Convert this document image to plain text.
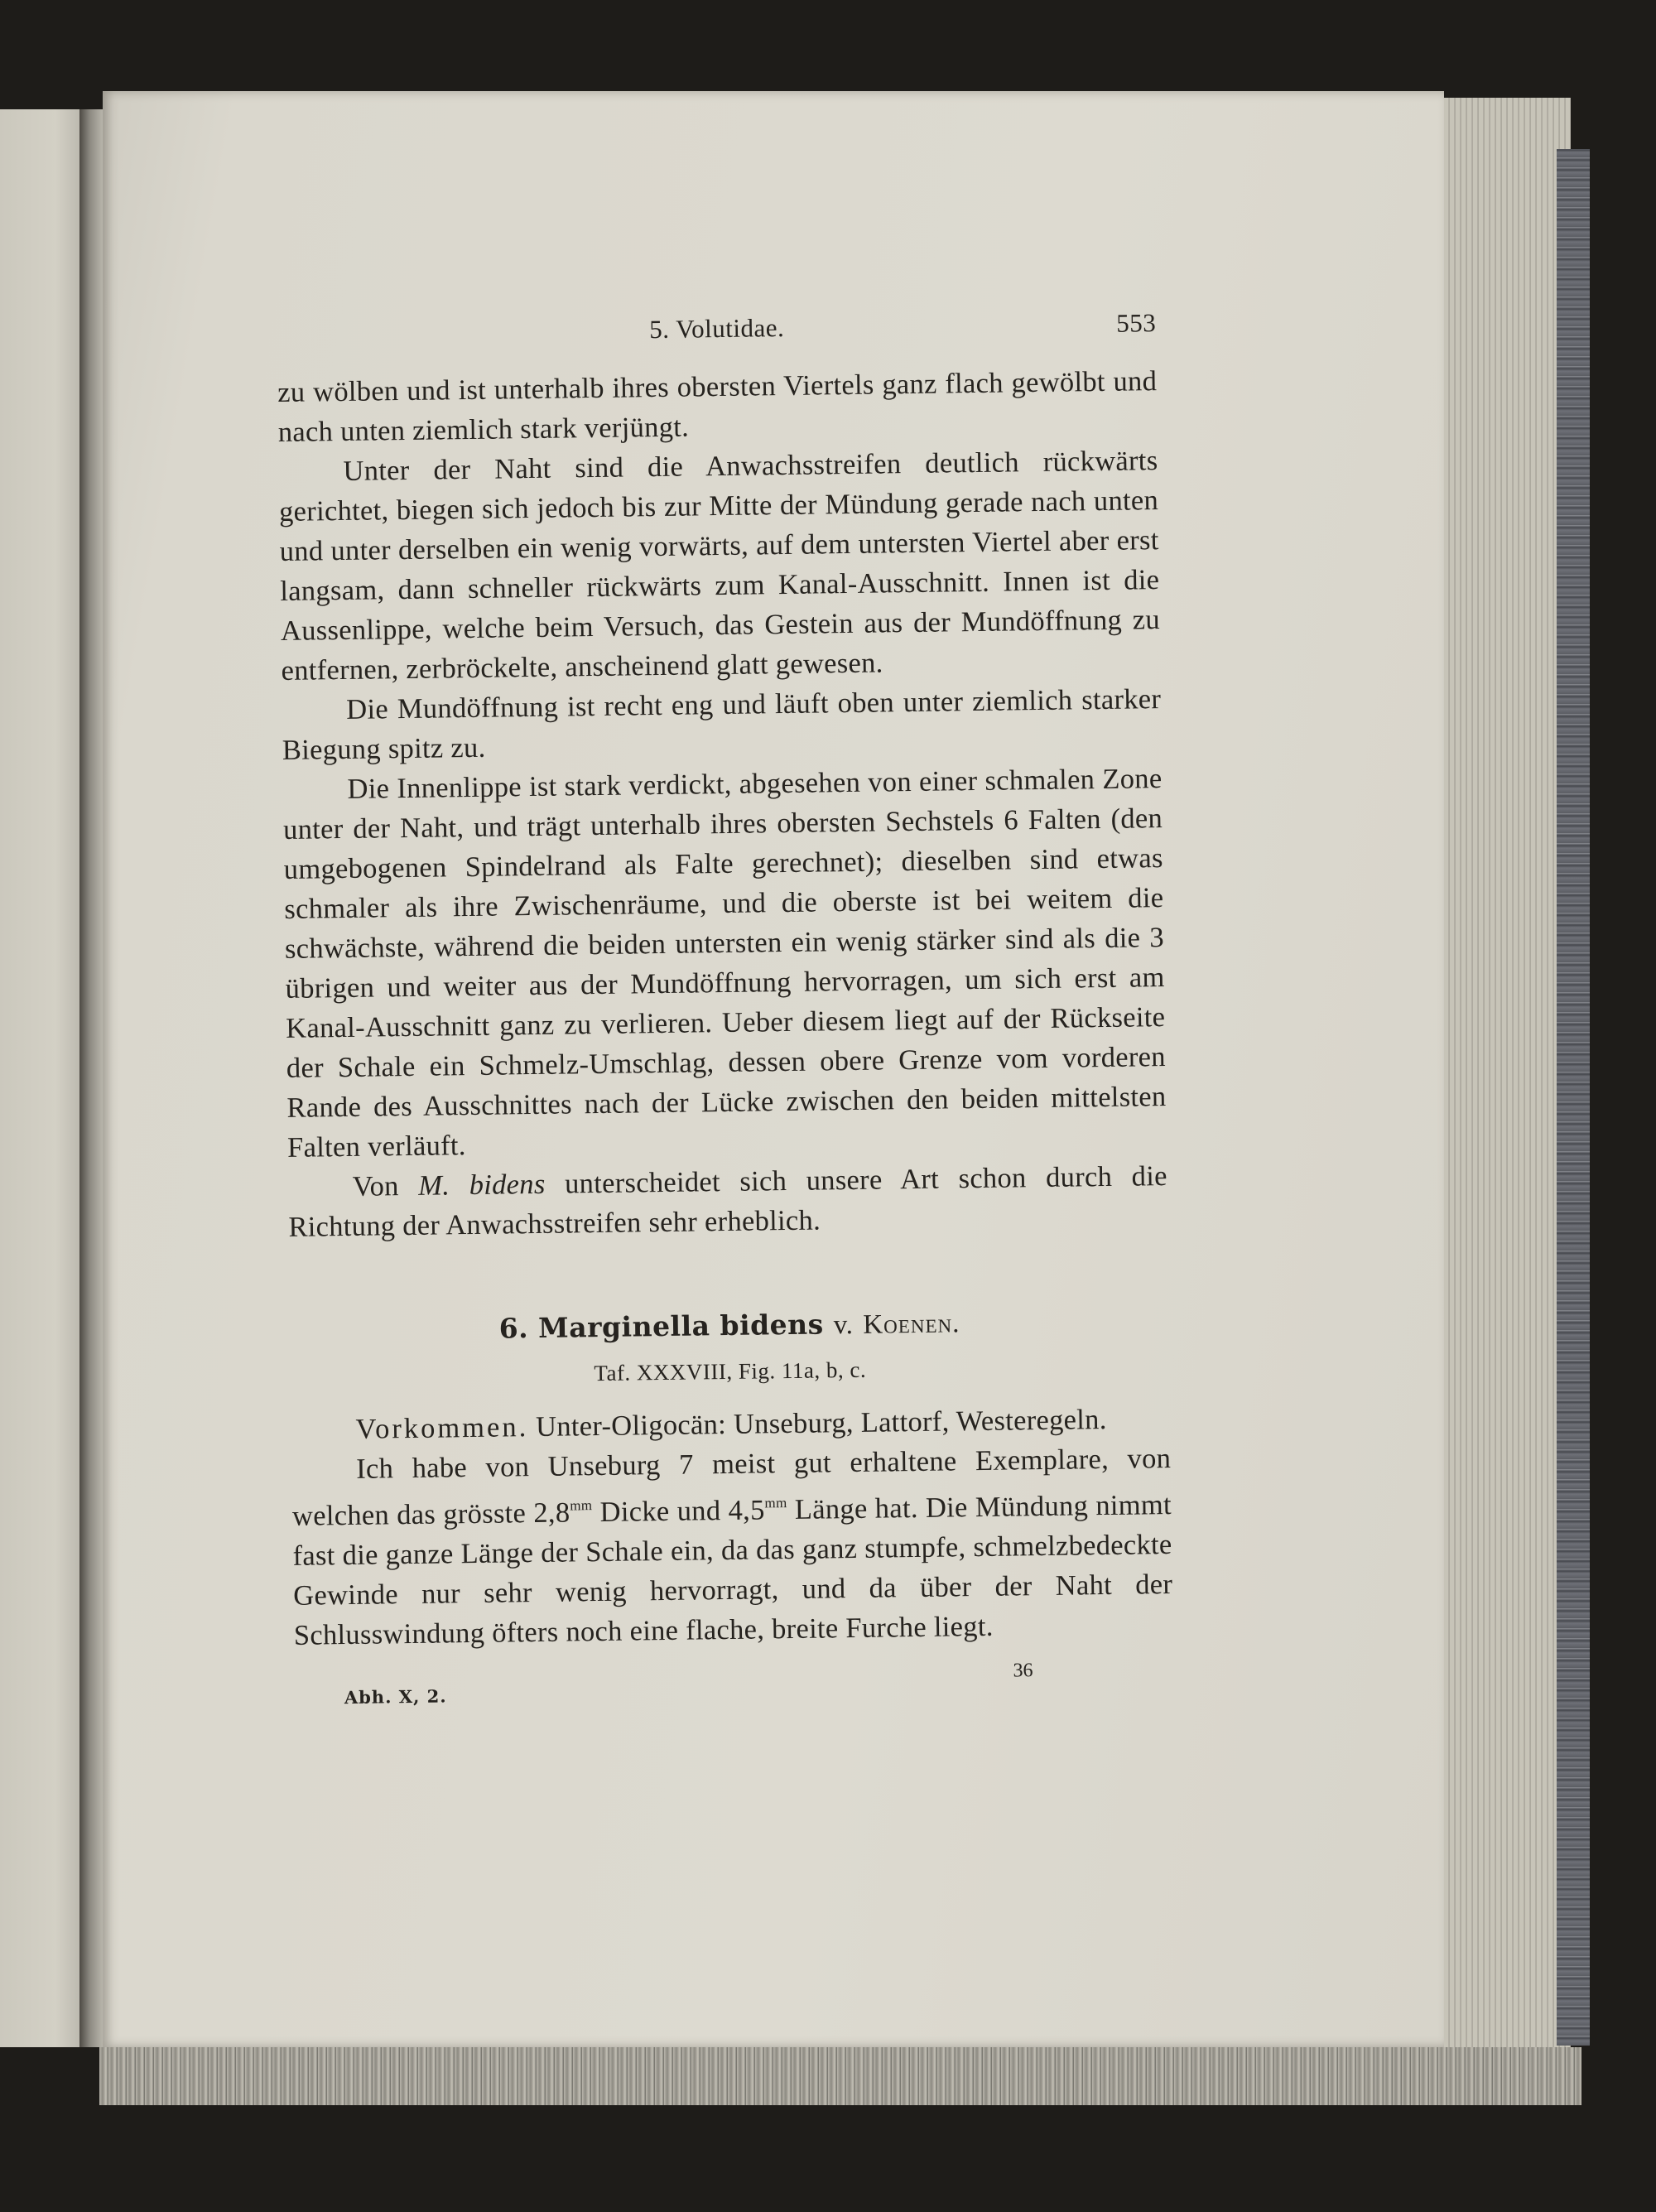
5. Volutidae.	553

zu wölben und ist unterhalb ihres obersten Viertels ganz flach gewölbt und nach unten ziemlich stark verjüngt.

Unter der Naht sind die Anwachsstreifen deutlich rückwärts gerichtet, biegen sich jedoch bis zur Mitte der Mündung gerade nach unten und unter derselben ein wenig vorwärts, auf dem untersten Viertel aber erst langsam, dann schneller rückwärts zum Kanal-Ausschnitt. Innen ist die Aussenlippe, welche beim Versuch, das Gestein aus der Mundöffnung zu entfernen, zerbröckelte, anscheinend glatt gewesen.

Die Mundöffnung ist recht eng und läuft oben unter ziemlich starker Biegung spitz zu.

Die Innenlippe ist stark verdickt, abgesehen von einer schmalen Zone unter der Naht, und trägt unterhalb ihres obersten Sechstels 6 Falten (den umgebogenen Spindelrand als Falte gerechnet); dieselben sind etwas schmaler als ihre Zwischenräume, und die oberste ist bei weitem die schwächste, während die beiden untersten ein wenig stärker sind als die 3 übrigen und weiter aus der Mundöffnung hervorragen, um sich erst am Kanal-Ausschnitt ganz zu verlieren. Ueber diesem liegt auf der Rückseite der Schale ein Schmelz-Umschlag, dessen obere Grenze vom vorderen Rande des Ausschnittes nach der Lücke zwischen den beiden mittelsten Falten verläuft.

Von M. bidens unterscheidet sich unsere Art schon durch die Richtung der Anwachsstreifen sehr erheblich.

6. Marginella bidens v. Koenen.
Taf. XXXVIII, Fig. 11a, b, c.

Vorkommen. Unter-Oligocän: Unseburg, Lattorf, Westeregeln.

Ich habe von Unseburg 7 meist gut erhaltene Exemplare, von welchen das grösste $2,8^{mm}$ Dicke und $4,5^{mm}$ Länge hat. Die Mündung nimmt fast die ganze Länge der Schale ein, da das ganz stumpfe, schmelzbedeckte Gewinde nur sehr wenig hervorragt, und da über der Naht der Schlusswindung öfters noch eine flache, breite Furche liegt.

Abh. X, 2.
36
